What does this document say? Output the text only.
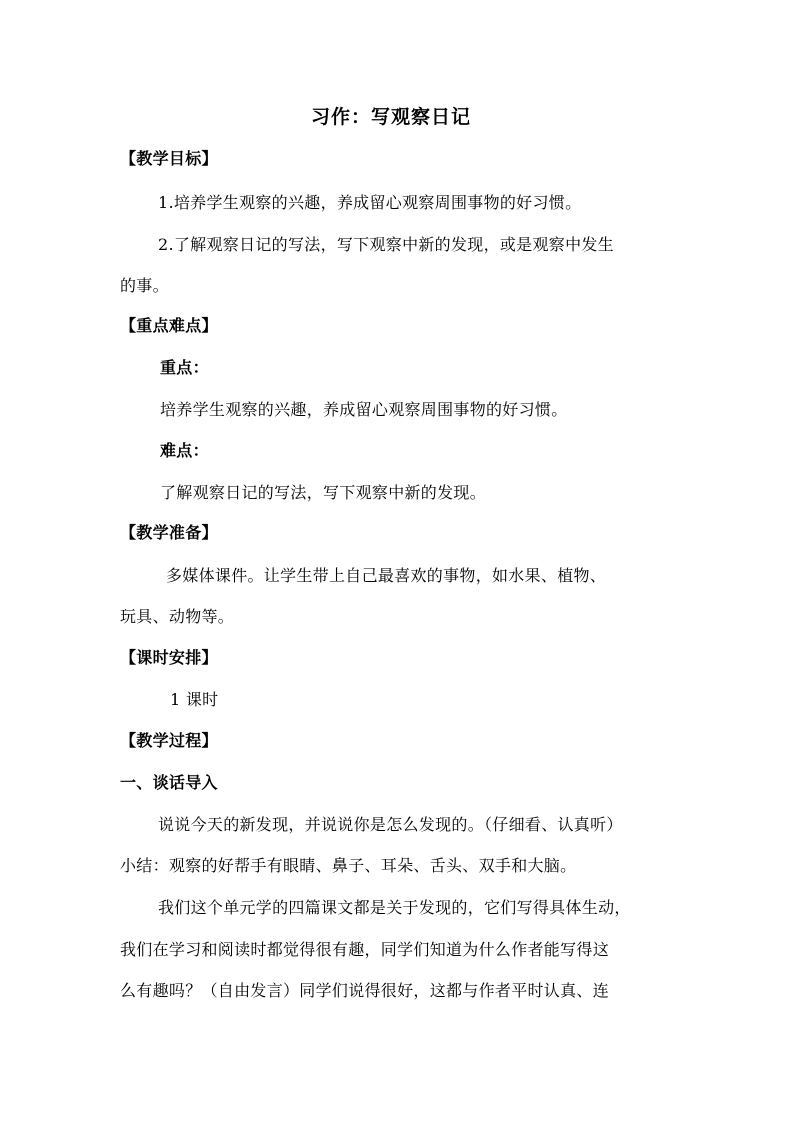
习作：写观察日记
【教学目标】
1.培养学生观察的兴趣，养成留心观察周围事物的好习惯。
2.了解观察日记的写法，写下观察中新的发现，或是观察中发生
的事。
【重点难点】
重点：
培养学生观察的兴趣，养成留心观察周围事物的好习惯。
难点：
了解观察日记的写法，写下观察中新的发现。
【教学准备】
多媒体课件。让学生带上自己最喜欢的事物，如水果、植物、
玩具、动物等。
【课时安排】
1 课时
【教学过程】
一、谈话导入
说说今天的新发现，并说说你是怎么发现的。（仔细看、认真听）
小结：观察的好帮手有眼睛、鼻子、耳朵、舌头、双手和大脑。
我们这个单元学的四篇课文都是关于发现的，它们写得具体生动，
我们在学习和阅读时都觉得很有趣，同学们知道为什么作者能写得这
么有趣吗？（自由发言）同学们说得很好，这都与作者平时认真、连
